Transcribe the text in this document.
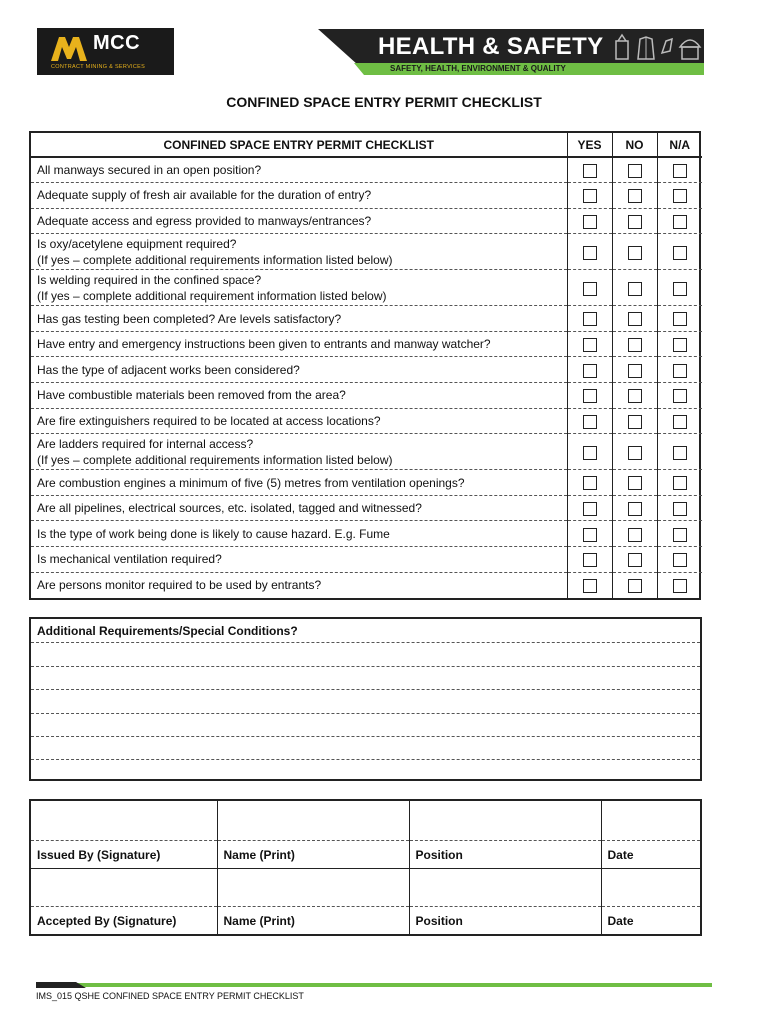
MCC
CONTRACT MINING & SERVICES
HEALTH & SAFETY
SAFETY, HEALTH, ENVIRONMENT & QUALITY
CONFINED SPACE ENTRY PERMIT CHECKLIST
CONFINED SPACE ENTRY PERMIT CHECKLIST	YES	NO	N/A

All manways secured in an open position?			

Adequate supply of fresh air available for the duration of entry?			

Adequate access and egress provided to manways/entrances?			

Is oxy/acetylene equipment required?
(If yes – complete additional requirements information listed below)			

Is welding required in the confined space?
(If yes – complete additional requirement information listed below)			

Has gas testing been completed? Are levels satisfactory?			

Have entry and emergency instructions been given to entrants and manway watcher?			

Has the type of adjacent works been considered?			

Have combustible materials been removed from the area?			

Are fire extinguishers required to be located at access locations?			

Are ladders required for internal access?
(If yes – complete additional requirements information listed below)			

Are combustion engines a minimum of five (5) metres from ventilation openings?			

Are all pipelines, electrical sources, etc. isolated, tagged and witnessed?			

Is the type of work being done is likely to cause hazard. E.g. Fume			

Is mechanical ventilation required?			

Are persons monitor required to be used by entrants?			

Additional Requirements/Special Conditions?

Issued By (Signature)	Name (Print)	Position	Date

Accepted By (Signature)	Name (Print)	Position	Date
IMS_015 QSHE CONFINED SPACE ENTRY PERMIT CHECKLIST
